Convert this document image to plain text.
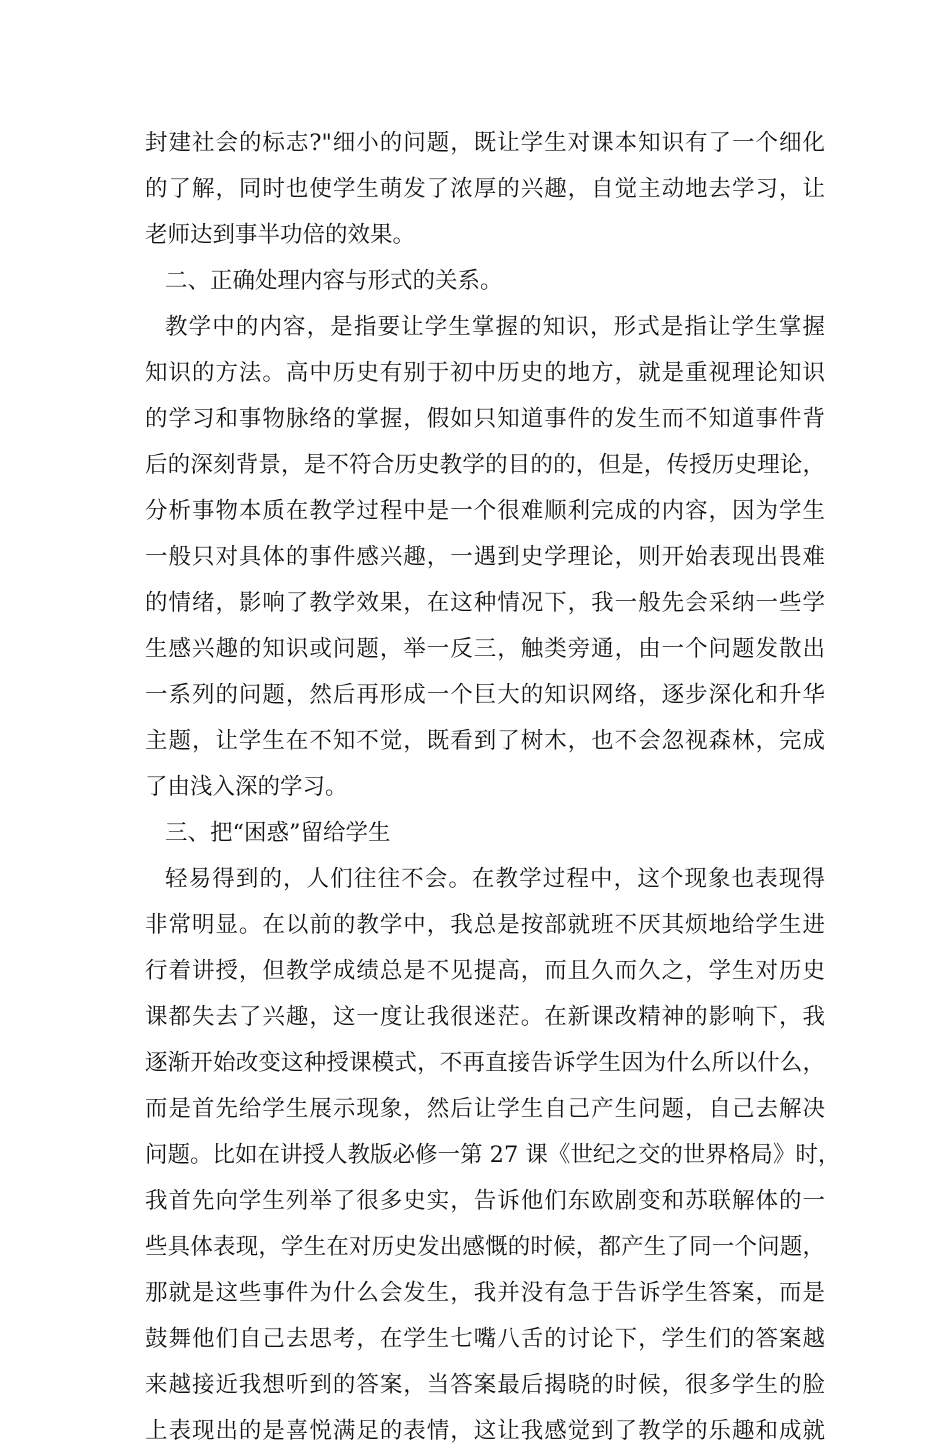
封建社会的标志?"细小的问题，既让学生对课本知识有了一个细化
的了解，同时也使学生萌发了浓厚的兴趣，自觉主动地去学习，让
老师达到事半功倍的效果。
二、正确处理内容与形式的关系。
教学中的内容，是指要让学生掌握的知识，形式是指让学生掌握
知识的方法。高中历史有别于初中历史的地方，就是重视理论知识
的学习和事物脉络的掌握，假如只知道事件的发生而不知道事件背
后的深刻背景，是不符合历史教学的目的的，但是，传授历史理论，
分析事物本质在教学过程中是一个很难顺利完成的内容，因为学生
一般只对具体的事件感兴趣，一遇到史学理论，则开始表现出畏难
的情绪，影响了教学效果，在这种情况下，我一般先会采纳一些学
生感兴趣的知识或问题，举一反三，触类旁通，由一个问题发散出
一系列的问题，然后再形成一个巨大的知识网络，逐步深化和升华
主题，让学生在不知不觉，既看到了树木，也不会忽视森林，完成
了由浅入深的学习。
三、把“困惑”留给学生
轻易得到的，人们往往不会。在教学过程中，这个现象也表现得
非常明显。在以前的教学中，我总是按部就班不厌其烦地给学生进
行着讲授，但教学成绩总是不见提高，而且久而久之，学生对历史
课都失去了兴趣，这一度让我很迷茫。在新课改精神的影响下，我
逐渐开始改变这种授课模式，不再直接告诉学生因为什么所以什么，
而是首先给学生展示现象，然后让学生自己产生问题，自己去解决
问题。比如在讲授人教版必修一第 27 课《世纪之交的世界格局》时，
我首先向学生列举了很多史实，告诉他们东欧剧变和苏联解体的一
些具体表现，学生在对历史发出感慨的时候，都产生了同一个问题，
那就是这些事件为什么会发生，我并没有急于告诉学生答案，而是
鼓舞他们自己去思考，在学生七嘴八舌的讨论下，学生们的答案越
来越接近我想听到的答案，当答案最后揭晓的时候，很多学生的脸
上表现出的是喜悦满足的表情，这让我感觉到了教学的乐趣和成就
